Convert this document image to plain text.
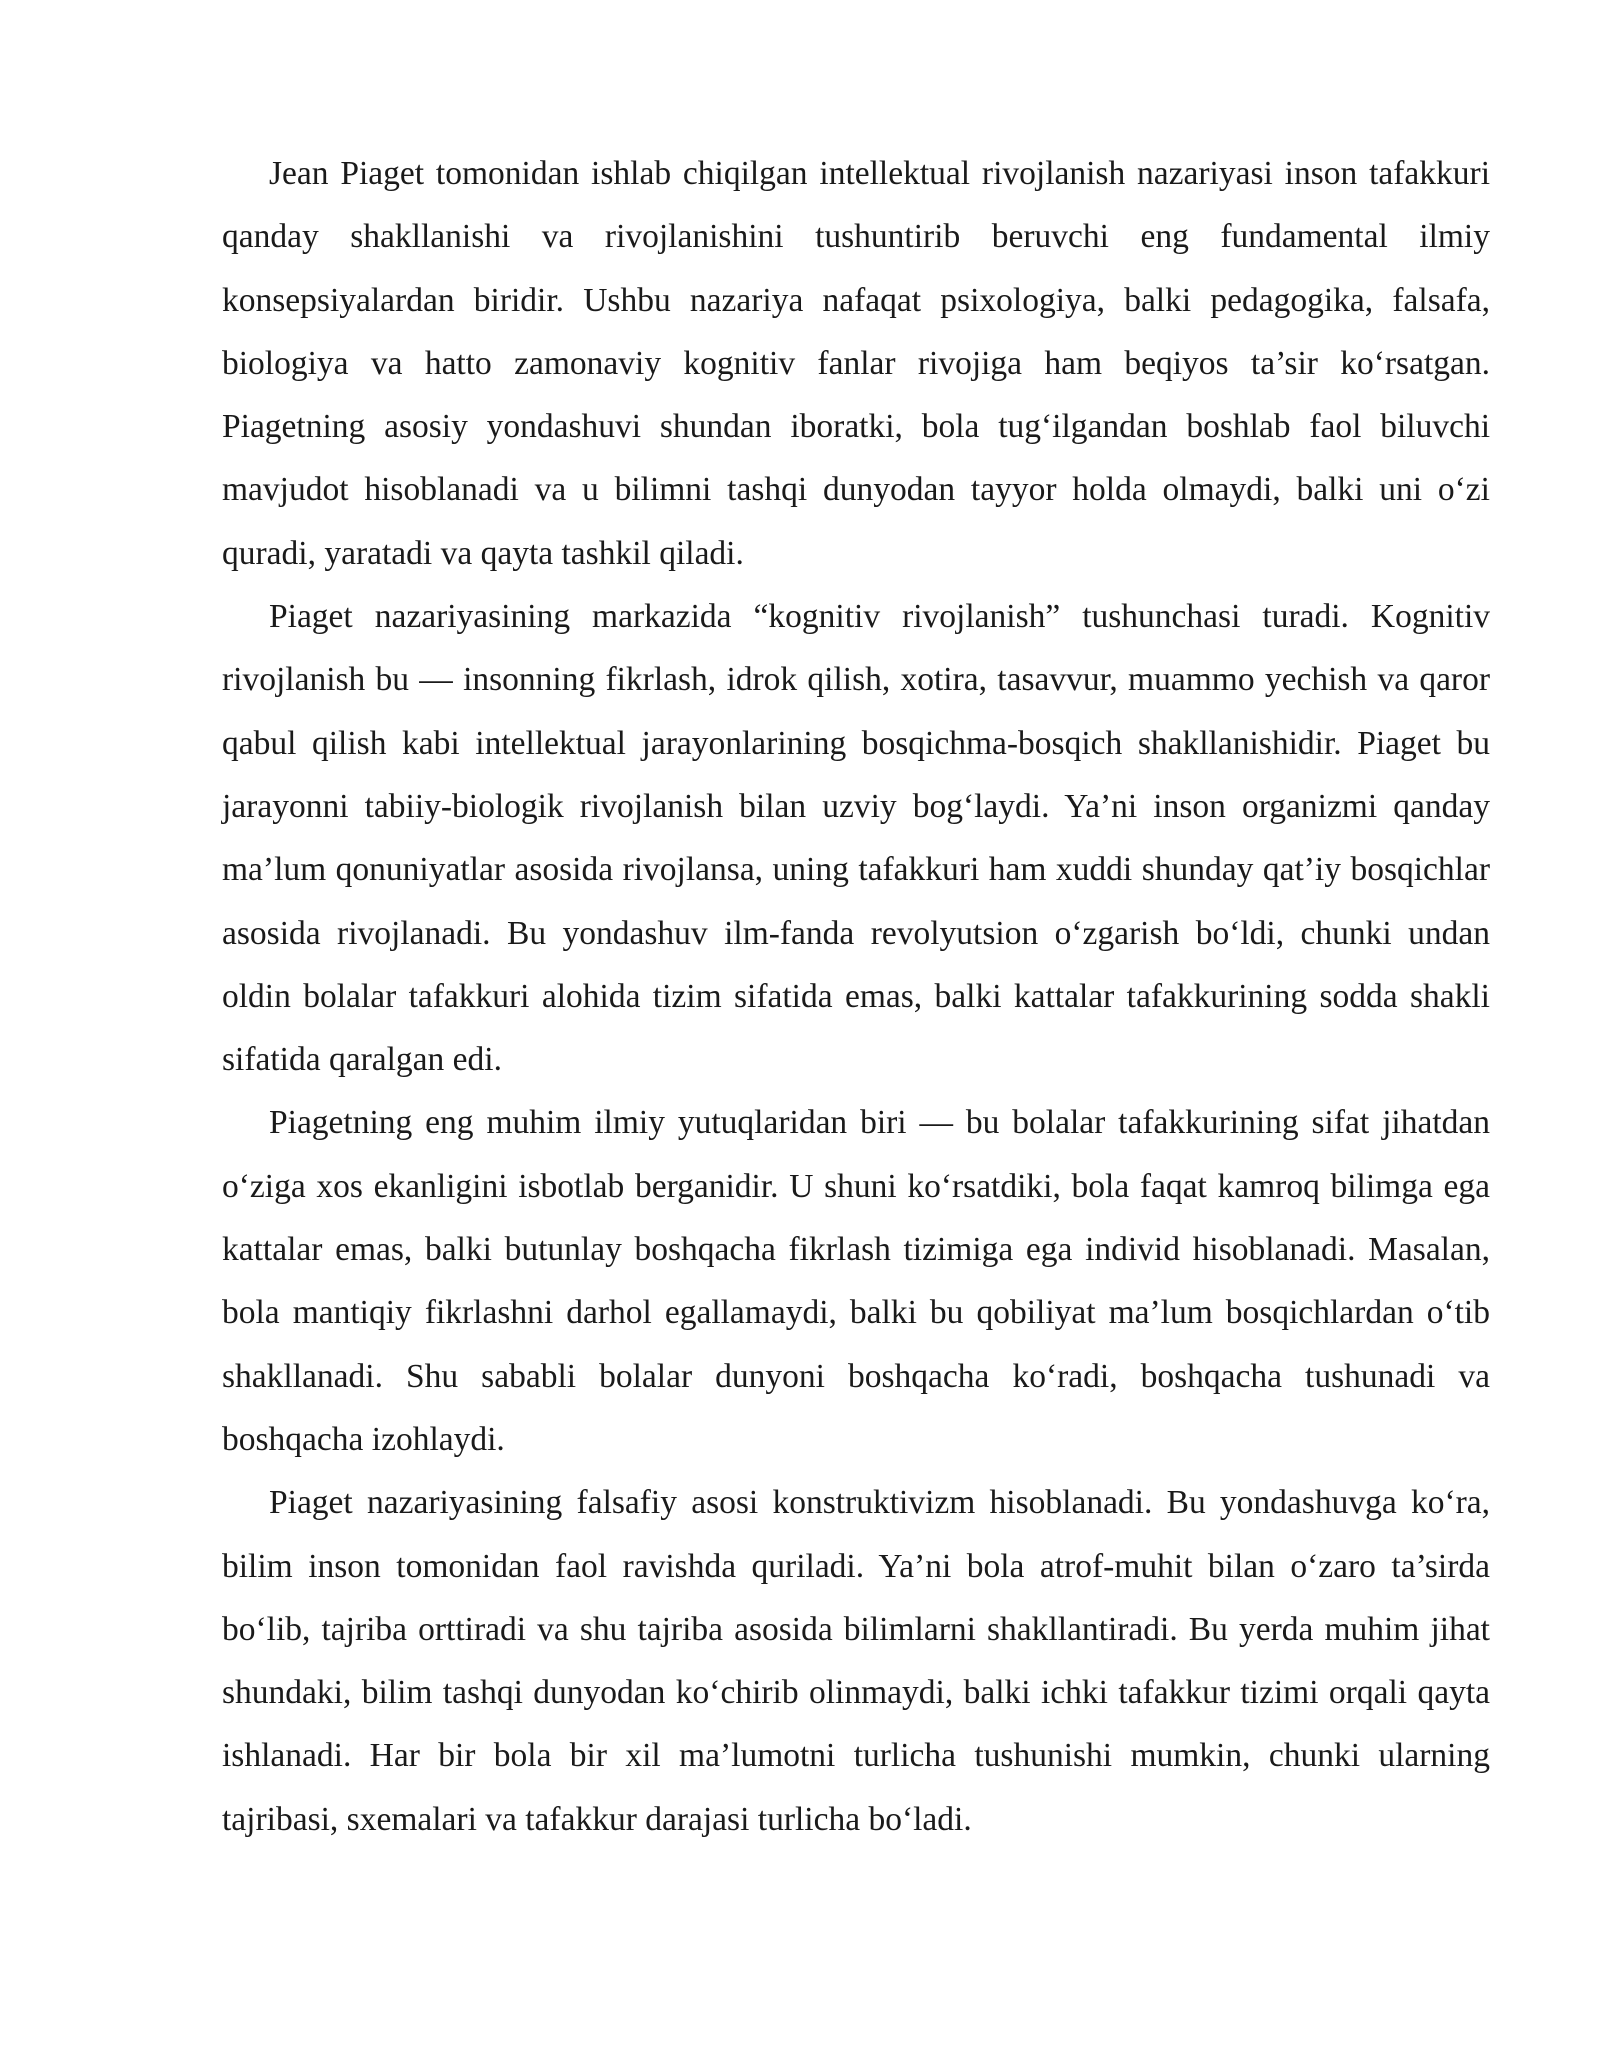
Jean Piaget tomonidan ishlab chiqilgan intellektual rivojlanish nazariyasi inson tafakkuri qanday shakllanishi va rivojlanishini tushuntirib beruvchi eng fundamental ilmiy konsepsiyalardan biridir. Ushbu nazariya nafaqat psixologiya, balki pedagogika, falsafa, biologiya va hatto zamonaviy kognitiv fanlar rivojiga ham beqiyos ta’sir ko‘rsatgan. Piagetning asosiy yondashuvi shundan iboratki, bola tug‘ilgandan boshlab faol biluvchi mavjudot hisoblanadi va u bilimni tashqi dunyodan tayyor holda olmaydi, balki uni o‘zi quradi, yaratadi va qayta tashkil qiladi.

Piaget nazariyasining markazida “kognitiv rivojlanish” tushunchasi turadi. Kognitiv rivojlanish bu — insonning fikrlash, idrok qilish, xotira, tasavvur, muammo yechish va qaror qabul qilish kabi intellektual jarayonlarining bosqichma-bosqich shakllanishidir. Piaget bu jarayonni tabiiy-biologik rivojlanish bilan uzviy bog‘laydi. Ya’ni inson organizmi qanday ma’lum qonuniyatlar asosida rivojlansa, uning tafakkuri ham xuddi shunday qat’iy bosqichlar asosida rivojlanadi. Bu yondashuv ilm-fanda revolyutsion o‘zgarish bo‘ldi, chunki undan oldin bolalar tafakkuri alohida tizim sifatida emas, balki kattalar tafakkurining sodda shakli sifatida qaralgan edi.

Piagetning eng muhim ilmiy yutuqlaridan biri — bu bolalar tafakkurining sifat jihatdan o‘ziga xos ekanligini isbotlab berganidir. U shuni ko‘rsatdiki, bola faqat kamroq bilimga ega kattalar emas, balki butunlay boshqacha fikrlash tizimiga ega individ hisoblanadi. Masalan, bola mantiqiy fikrlashni darhol egallamaydi, balki bu qobiliyat ma’lum bosqichlardan o‘tib shakllanadi. Shu sababli bolalar dunyoni boshqacha ko‘radi, boshqacha tushunadi va boshqacha izohlaydi.

Piaget nazariyasining falsafiy asosi konstruktivizm hisoblanadi. Bu yondashuvga ko‘ra, bilim inson tomonidan faol ravishda quriladi. Ya’ni bola atrof-muhit bilan o‘zaro ta’sirda bo‘lib, tajriba orttiradi va shu tajriba asosida bilimlarni shakllantiradi. Bu yerda muhim jihat shundaki, bilim tashqi dunyodan ko‘chirib olinmaydi, balki ichki tafakkur tizimi orqali qayta ishlanadi. Har bir bola bir xil ma’lumotni turlicha tushunishi mumkin, chunki ularning tajribasi, sxemalari va tafakkur darajasi turlicha bo‘ladi.
